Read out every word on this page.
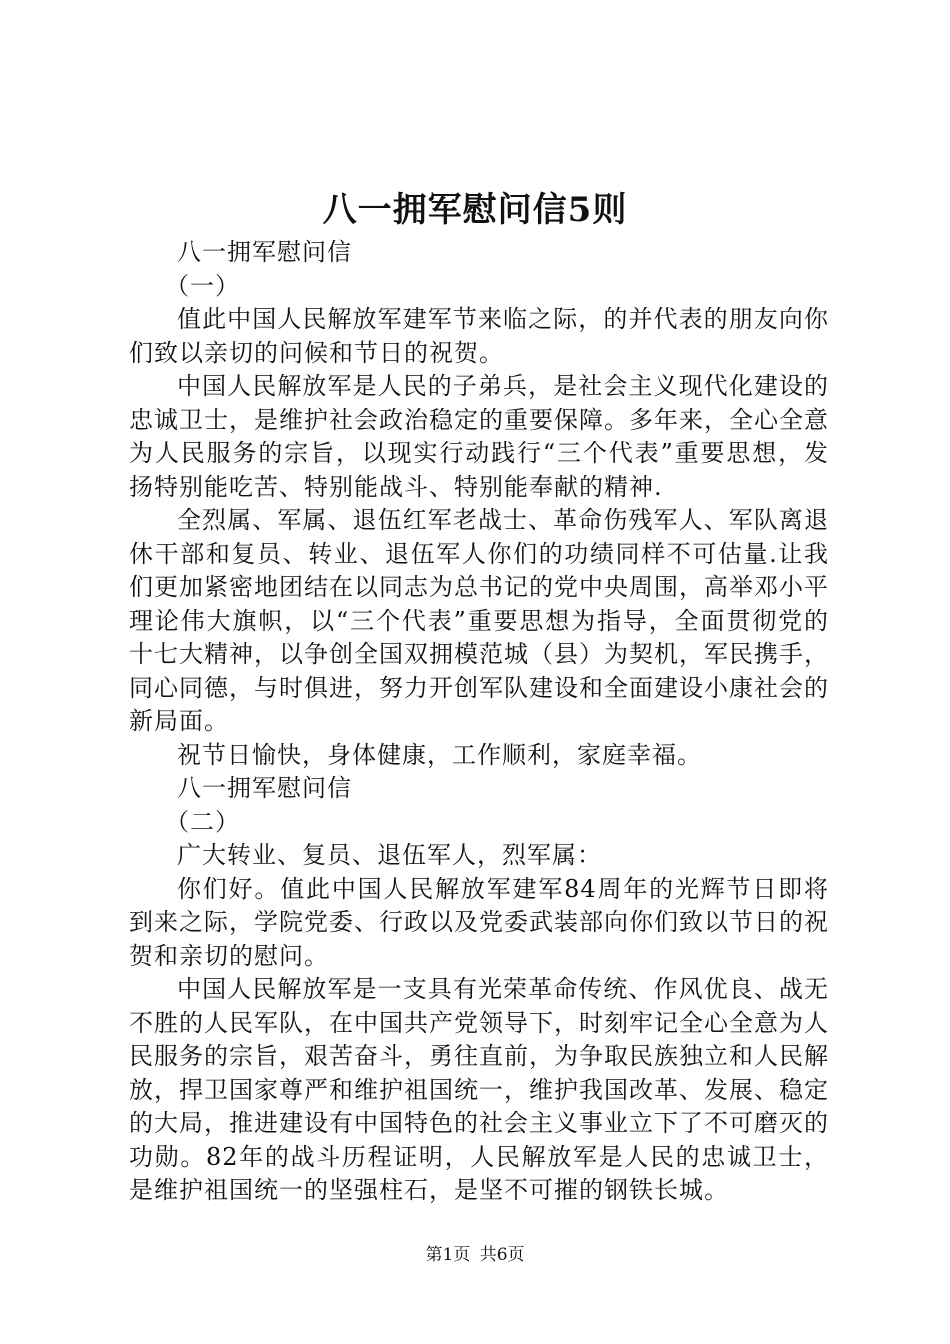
八一拥军慰问信5则

八一拥军慰问信

（一）

值此中国人民解放军建军节来临之际，的并代表的朋友向你们致以亲切的问候和节日的祝贺。

中国人民解放军是人民的子弟兵，是社会主义现代化建设的忠诚卫士，是维护社会政治稳定的重要保障。多年来，全心全意为人民服务的宗旨，以现实行动践行“三个代表”重要思想，发扬特别能吃苦、特别能战斗、特别能奉献的精神.

全烈属、军属、退伍红军老战士、革命伤残军人、军队离退休干部和复员、转业、退伍军人你们的功绩同样不可估量.让我们更加紧密地团结在以同志为总书记的党中央周围，高举邓小平理论伟大旗帜，以“三个代表”重要思想为指导，全面贯彻党的十七大精神，以争创全国双拥模范城（县）为契机，军民携手，同心同德，与时俱进，努力开创军队建设和全面建设小康社会的新局面。

祝节日愉快，身体健康，工作顺利，家庭幸福。

八一拥军慰问信

（二）

广大转业、复员、退伍军人，烈军属：

你们好。值此中国人民解放军建军84周年的光辉节日即将到来之际，学院党委、行政以及党委武装部向你们致以节日的祝贺和亲切的慰问。

中国人民解放军是一支具有光荣革命传统、作风优良、战无不胜的人民军队，在中国共产党领导下，时刻牢记全心全意为人民服务的宗旨，艰苦奋斗，勇往直前，为争取民族独立和人民解放，捍卫国家尊严和维护祖国统一，维护我国改革、发展、稳定的大局，推进建设有中国特色的社会主义事业立下了不可磨灭的功勋。82年的战斗历程证明，人民解放军是人民的忠诚卫士，是维护祖国统一的坚强柱石，是坚不可摧的钢铁长城。

第1页 共6页
